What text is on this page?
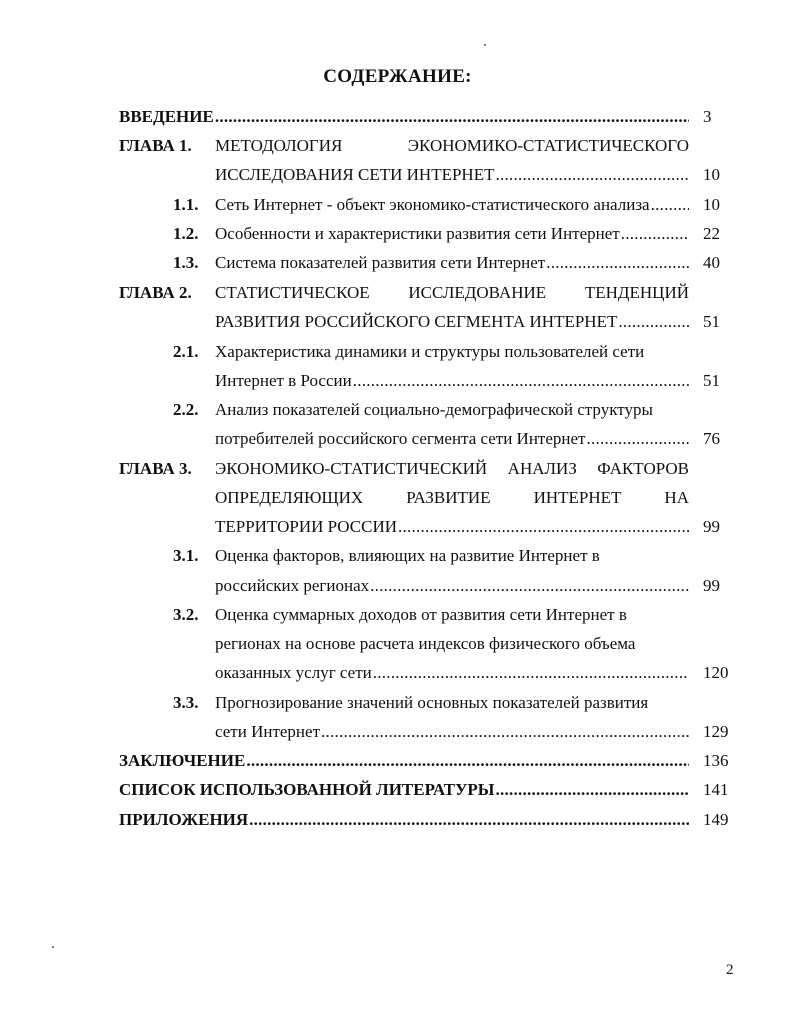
СОДЕРЖАНИЕ:
ВВЕДЕНИЕ . . .	3
ГЛАВА 1. МЕТОДОЛОГИЯ ЭКОНОМИКО-СТАТИСТИЧЕСКОГО
ИССЛЕДОВАНИЯ СЕТИ ИНТЕРНЕТ . . .	10
1.1. Сеть Интернет - объект экономико-статистического анализа . . .	10
1.2. Особенности и характеристики развития сети Интернет . . .	22
1.3. Система показателей развития сети Интернет . . .	40
ГЛАВА 2. СТАТИСТИЧЕСКОЕ ИССЛЕДОВАНИЕ ТЕНДЕНЦИЙ
РАЗВИТИЯ РОССИЙСКОГО СЕГМЕНТА ИНТЕРНЕТ . . .	51
2.1. Характеристика динамики и структуры пользователей сети
Интернет в России . . .	51
2.2. Анализ показателей социально-демографической структуры
потребителей российского сегмента сети Интернет . . .	76
ГЛАВА 3. ЭКОНОМИКО-СТАТИСТИЧЕСКИЙ АНАЛИЗ ФАКТОРОВ
ОПРЕДЕЛЯЮЩИХ РАЗВИТИЕ ИНТЕРНЕТ НА
ТЕРРИТОРИИ РОССИИ . . .	99
3.1. Оценка факторов, влияющих на развитие Интернет в
российских регионах . . .	99
3.2. Оценка суммарных доходов от развития сети Интернет в
регионах на основе расчета индексов физического объема
оказанных услуг сети . . .	120
3.3. Прогнозирование значений основных показателей развития
сети Интернет . . .	129
ЗАКЛЮЧЕНИЕ . . .	136
СПИСОК ИСПОЛЬЗОВАННОЙ ЛИТЕРАТУРЫ . . .	141
ПРИЛОЖЕНИЯ . . .	149
2
